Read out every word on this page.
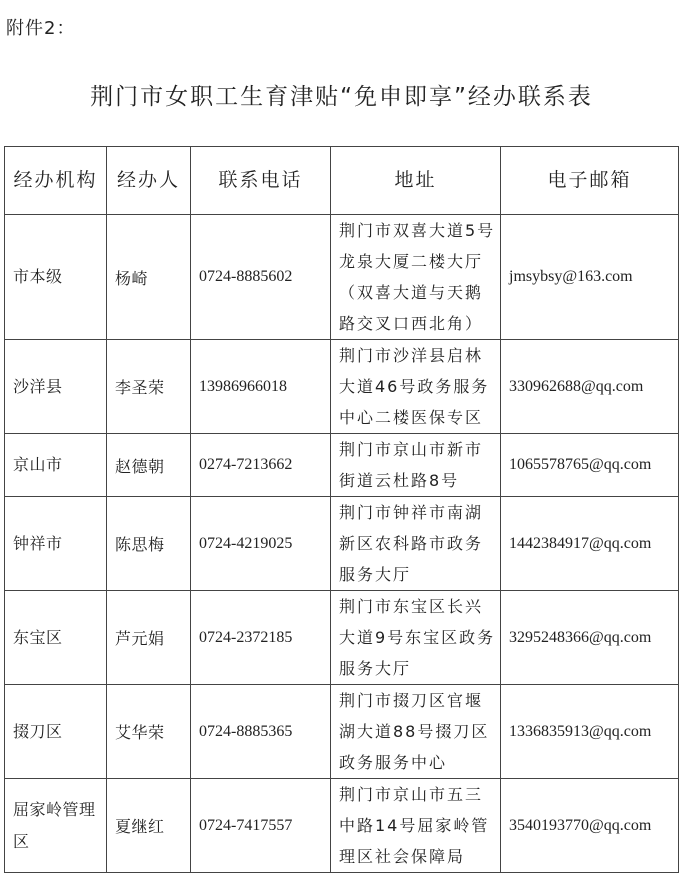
附件2：
荆门市女职工生育津贴“免申即享”经办联系表
经办机构	经办人	联系电话	地址	电子邮箱
市本级	杨崎	0724-8885602	荆门市双喜大道5号龙泉大厦二楼大厅（双喜大道与天鹅路交叉口西北角）	jmsybsy@163.com
沙洋县	李圣荣	13986966018	荆门市沙洋县启林大道46号政务服务中心二楼医保专区	330962688@qq.com
京山市	赵德朝	0274-7213662	荆门市京山市新市街道云杜路8号	1065578765@qq.com
钟祥市	陈思梅	0724-4219025	荆门市钟祥市南湖新区农科路市政务服务大厅	1442384917@qq.com
东宝区	芦元娟	0724-2372185	荆门市东宝区长兴大道9号东宝区政务服务大厅	3295248366@qq.com
掇刀区	艾华荣	0724-8885365	荆门市掇刀区官堰湖大道88号掇刀区政务服务中心	1336835913@qq.com
屈家岭管理区	夏继红	0724-7417557	荆门市京山市五三中路14号屈家岭管理区社会保障局	3540193770@qq.com
